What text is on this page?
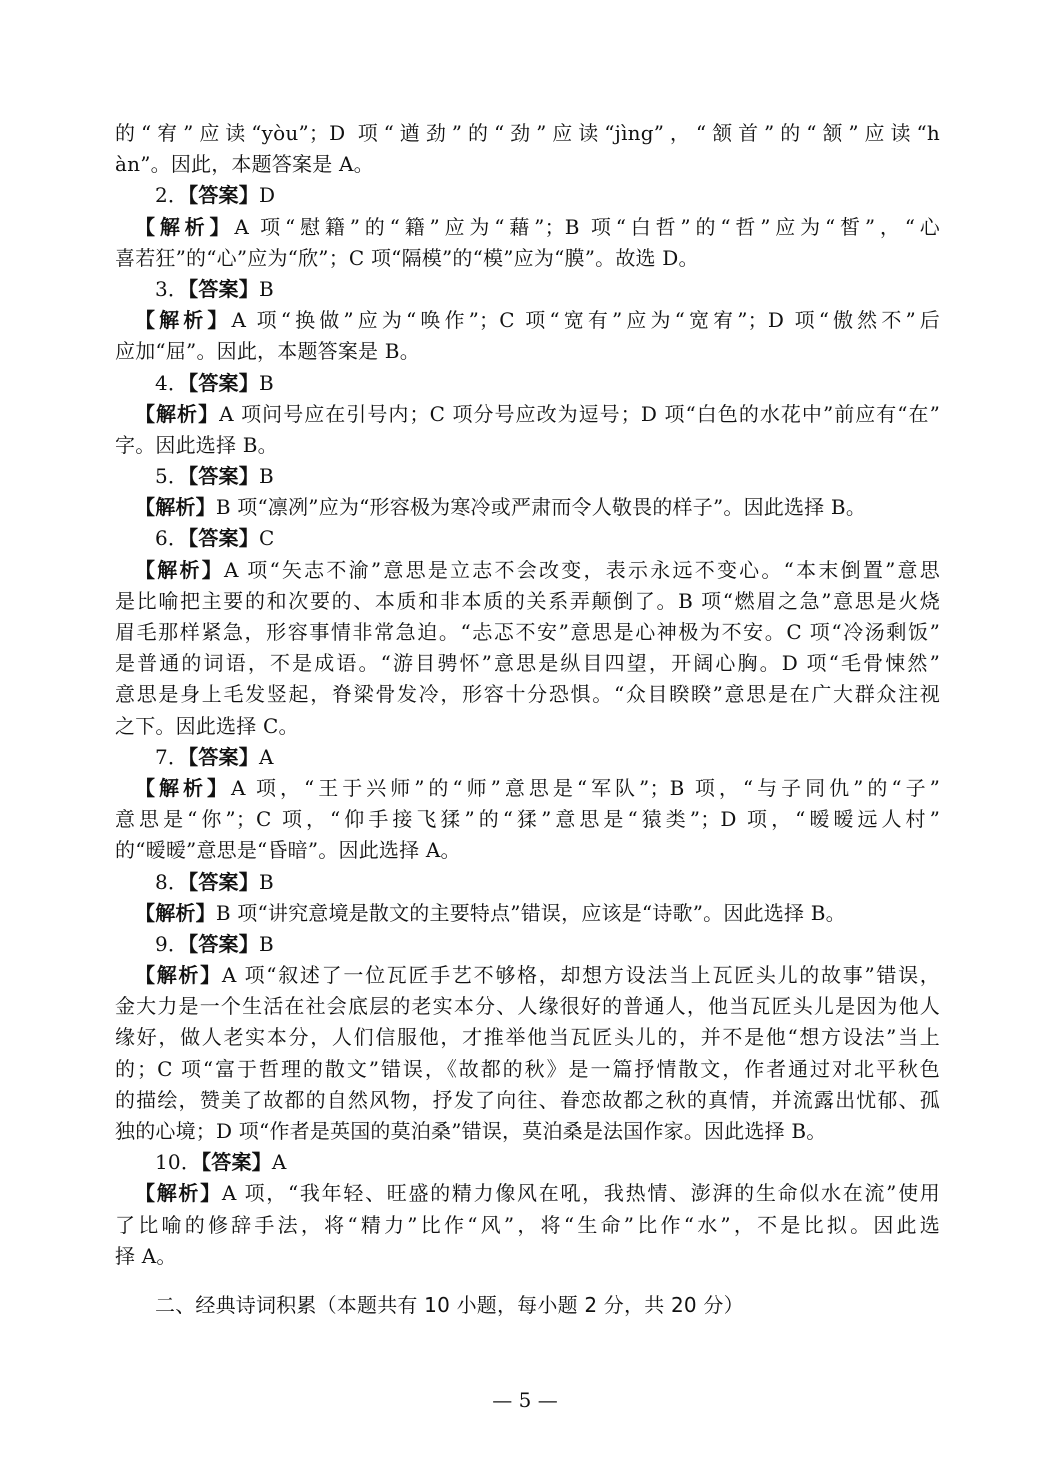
的“宥”应读“yòu”；D 项“遒劲”的“劲”应读“jìng”，“颔首”的“颔”应读“h
àn”。因此，本题答案是 A。
2．【答案】D
【解析】A 项“慰籍”的“籍”应为“藉”；B 项“白哲”的“哲”应为“皙”，“心
喜若狂”的“心”应为“欣”；C 项“隔模”的“模”应为“膜”。故选 D。
3．【答案】B
【解析】A 项“换做”应为“唤作”；C 项“宽有”应为“宽宥”；D 项“傲然不”后
应加“屈”。因此，本题答案是 B。
4．【答案】B
【解析】A 项问号应在引号内；C 项分号应改为逗号；D 项“白色的水花中”前应有“在”
字。因此选择 B。
5．【答案】B
【解析】B 项“凛冽”应为“形容极为寒冷或严肃而令人敬畏的样子”。因此选择 B。
6．【答案】C
【解析】A 项“矢志不渝”意思是立志不会改变，表示永远不变心。“本末倒置”意思
是比喻把主要的和次要的、本质和非本质的关系弄颠倒了。B 项“燃眉之急”意思是火烧
眉毛那样紧急，形容事情非常急迫。“忐忑不安”意思是心神极为不安。C 项“冷汤剩饭”
是普通的词语，不是成语。“游目骋怀”意思是纵目四望，开阔心胸。D 项“毛骨悚然”
意思是身上毛发竖起，脊梁骨发冷，形容十分恐惧。“众目睽睽”意思是在广大群众注视
之下。因此选择 C。
7．【答案】A
【解析】A 项，“王于兴师”的“师”意思是“军队”；B 项，“与子同仇”的“子”
意思是“你”；C 项，“仰手接飞猱”的“猱”意思是“猿类”；D 项，“暧暧远人村”
的“暧暧”意思是“昏暗”。因此选择 A。
8．【答案】B
【解析】B 项“讲究意境是散文的主要特点”错误，应该是“诗歌”。因此选择 B。
9．【答案】B
【解析】A 项“叙述了一位瓦匠手艺不够格，却想方设法当上瓦匠头儿的故事”错误，
金大力是一个生活在社会底层的老实本分、人缘很好的普通人，他当瓦匠头儿是因为他人
缘好，做人老实本分，人们信服他，才推举他当瓦匠头儿的，并不是他“想方设法”当上
的；C 项“富于哲理的散文”错误，《故都的秋》是一篇抒情散文，作者通过对北平秋色
的描绘，赞美了故都的自然风物，抒发了向往、眷恋故都之秋的真情，并流露出忧郁、孤
独的心境；D 项“作者是英国的莫泊桑”错误，莫泊桑是法国作家。因此选择 B。
10．【答案】A
【解析】A 项，“我年轻、旺盛的精力像风在吼，我热情、澎湃的生命似水在流”使用
了比喻的修辞手法，将“精力”比作“风”，将“生命”比作“水”，不是比拟。因此选
择 A。
二、经典诗词积累（本题共有 10 小题，每小题 2 分，共 20 分）
— 5 —
